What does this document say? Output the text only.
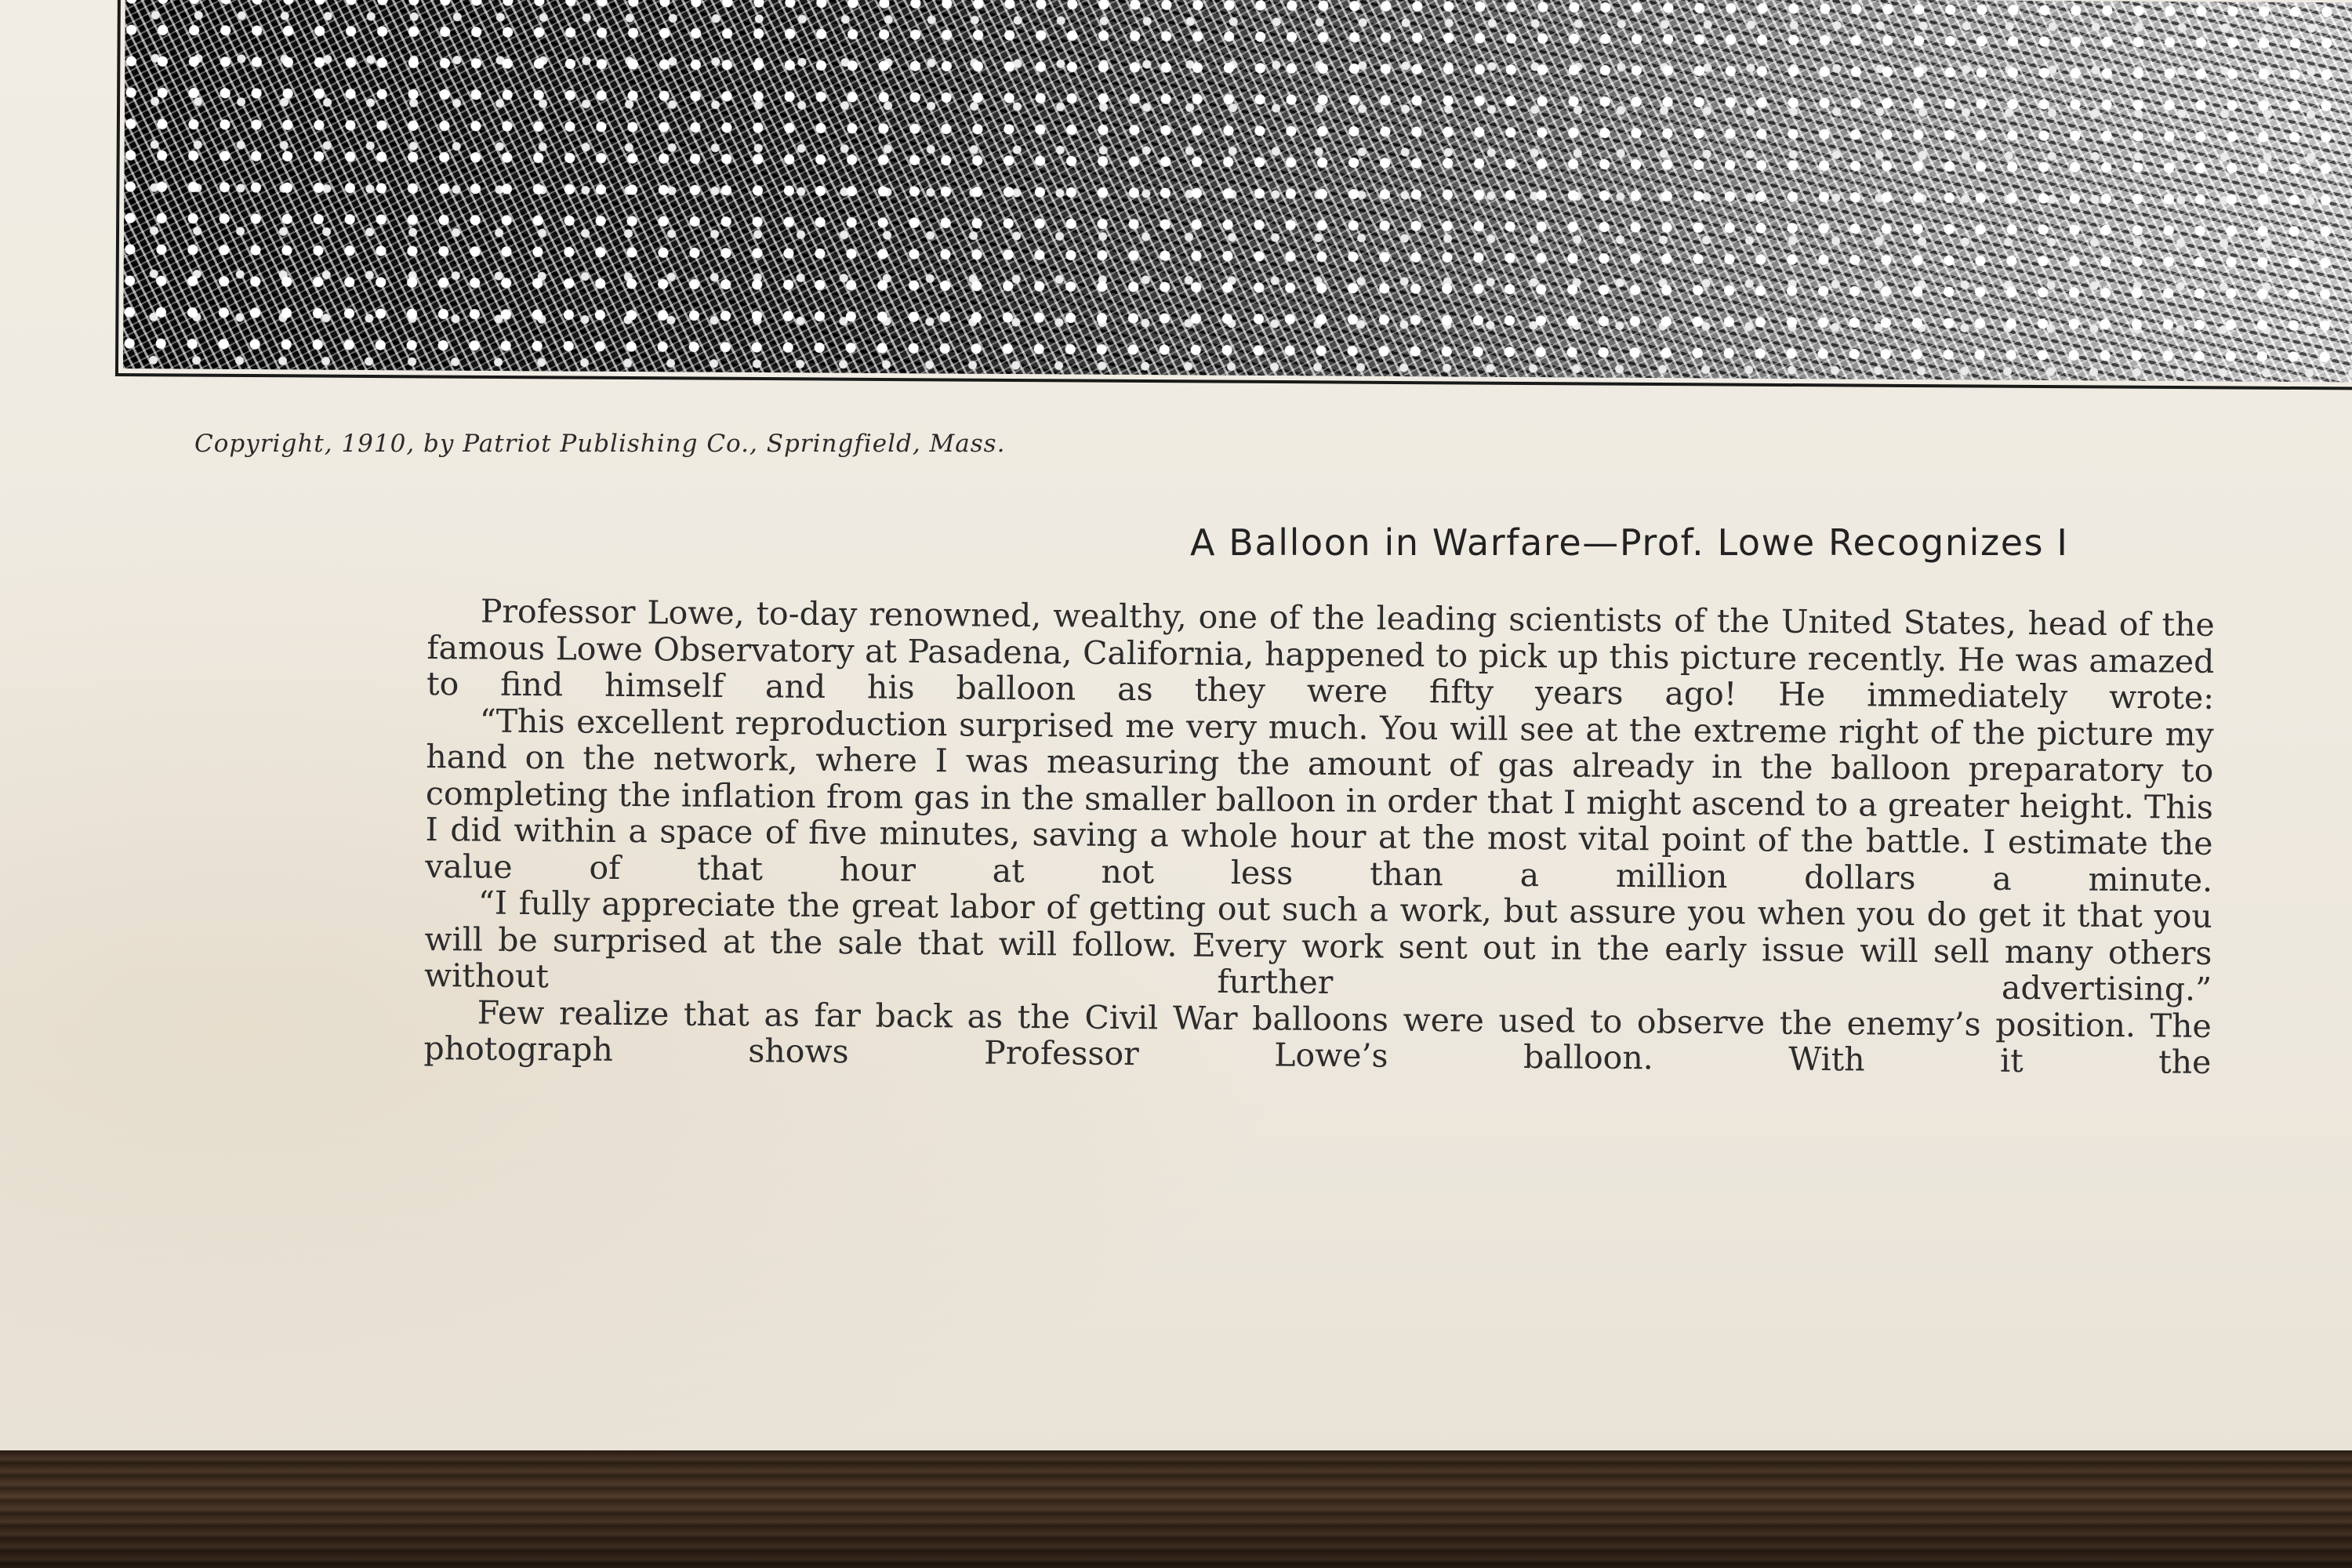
Copyright, 1910, by Patriot Publishing Co., Springfield, Mass.
A Balloon in Warfare—Prof. Lowe Recognizes I

Professor Lowe, to-day renowned, wealthy, one of the leading scientists of the United States, head of the famous Lowe Observatory at Pasadena, California, happened to pick up this picture recently. He was amazed to find himself and his balloon as they were fifty years ago! He immediately wrote:

“This excellent reproduction surprised me very much. You will see at the extreme right of the picture my hand on the network, where I was measuring the amount of gas already in the balloon preparatory to completing the inflation from gas in the smaller balloon in order that I might ascend to a greater height. This I did within a space of five minutes, saving a whole hour at the most vital point of the battle. I estimate the value of that hour at not less than a million dollars a minute.

“I fully appreciate the great labor of getting out such a work, but assure you when you do get it that you will be surprised at the sale that will follow. Every work sent out in the early issue will sell many others without further advertising.”

Few realize that as far back as the Civil War balloons were used to observe the enemy’s position. The photograph shows Professor Lowe’s balloon. With it the
